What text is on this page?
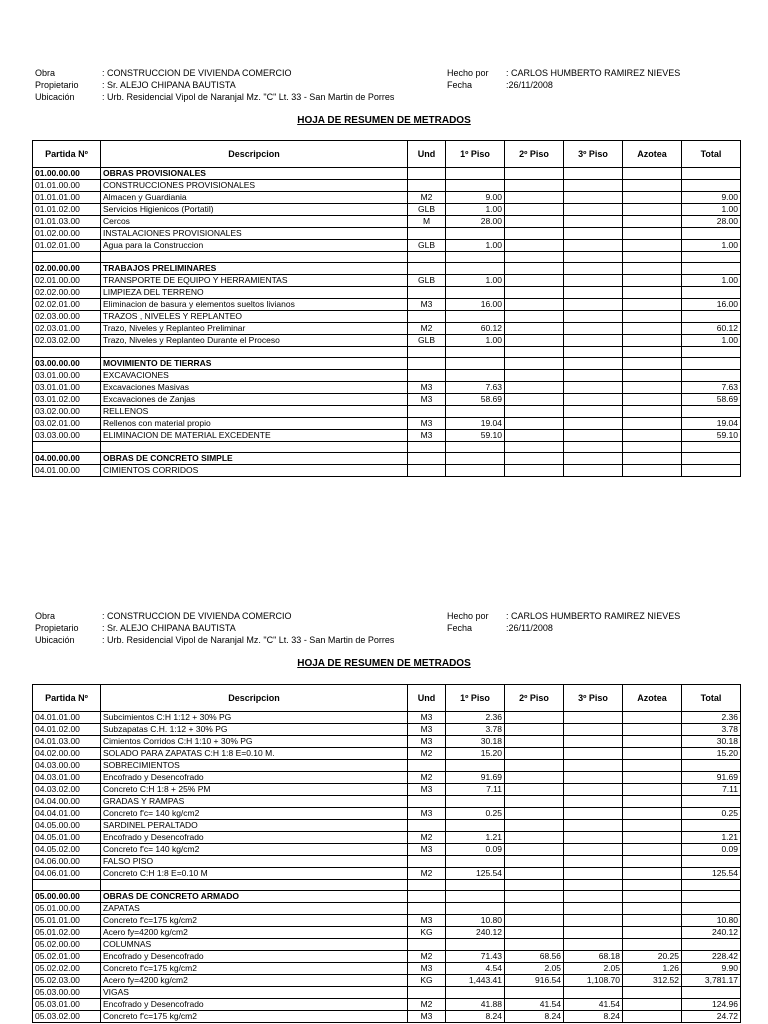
Obra
Propietario
Ubicación
: CONSTRUCCION DE VIVIENDA COMERCIO
: Sr. ALEJO CHIPANA BAUTISTA
: Urb. Residencial Vipol de Naranjal Mz. "C" Lt. 33 - San Martin de Porres
Hecho por
Fecha
: CARLOS HUMBERTO RAMIREZ NIEVES
:26/11/2008
HOJA DE RESUMEN DE METRADOS
Partida Nº	Descripcion	Und	1º Piso	2º Piso	3º Piso	Azotea	Total
01.00.00.00	OBRAS PROVISIONALES						
01.01.00.00	CONSTRUCCIONES PROVISIONALES						
01.01.01.00	Almacen y Guardiania	M2	9.00				9.00
01.01.02.00	Servicios Higienicos (Portatil)	GLB	1.00				1.00
01.01.03.00	Cercos	M	28.00				28.00
01.02.00.00	INSTALACIONES PROVISIONALES						
01.02.01.00	Agua para la Construccion	GLB	1.00				1.00

02.00.00.00	TRABAJOS PRELIMINARES						
02.01.00.00	TRANSPORTE DE EQUIPO Y HERRAMIENTAS	GLB	1.00				1.00
02.02.00.00	LIMPIEZA DEL TERRENO						
02.02.01.00	Eliminacion de basura y elementos sueltos livianos	M3	16.00				16.00
02.03.00.00	TRAZOS , NIVELES Y REPLANTEO						
02.03.01.00	Trazo, Niveles y Replanteo Preliminar	M2	60.12				60.12
02.03.02.00	Trazo, Niveles y Replanteo Durante el Proceso	GLB	1.00				1.00

03.00.00.00	MOVIMIENTO DE TIERRAS						
03.01.00.00	EXCAVACIONES						
03.01.01.00	Excavaciones Masivas	M3	7.63				7.63
03.01.02.00	Excavaciones de Zanjas	M3	58.69				58.69
03.02.00.00	RELLENOS						
03.02.01.00	Rellenos con material propio	M3	19.04				19.04
03.03.00.00	ELIMINACION DE MATERIAL EXCEDENTE	M3	59.10				59.10

04.00.00.00	OBRAS DE CONCRETO SIMPLE						
04.01.00.00	CIMIENTOS CORRIDOS						
Obra
Propietario
Ubicación
: CONSTRUCCION DE VIVIENDA COMERCIO
: Sr. ALEJO CHIPANA BAUTISTA
: Urb. Residencial Vipol de Naranjal Mz. "C" Lt. 33 - San Martin de Porres
Hecho por
Fecha
: CARLOS HUMBERTO RAMIREZ NIEVES
:26/11/2008
HOJA DE RESUMEN DE METRADOS
Partida Nº	Descripcion	Und	1º Piso	2º Piso	3º Piso	Azotea	Total
04.01.01.00	Subcimientos C:H 1:12 + 30% PG	M3	2.36				2.36
04.01.02.00	Subzapatas C.H. 1:12 + 30% PG	M3	3.78				3.78
04.01.03.00	Cimientos Corridos C:H 1:10 + 30% PG	M3	30.18				30.18
04.02.00.00	SOLADO PARA ZAPATAS C:H 1:8 E=0.10 M.	M2	15.20				15.20
04.03.00.00	SOBRECIMIENTOS						
04.03.01.00	Encofrado y Desencofrado	M2	91.69				91.69
04.03.02.00	Concreto C:H 1:8 + 25% PM	M3	7.11				7.11
04.04.00.00	GRADAS Y RAMPAS						
04.04.01.00	Concreto f'c= 140 kg/cm2	M3	0.25				0.25
04.05.00.00	SARDINEL PERALTADO						
04.05.01.00	Encofrado y Desencofrado	M2	1.21				1.21
04.05.02.00	Concreto f'c= 140 kg/cm2	M3	0.09				0.09
04.06.00.00	FALSO PISO						
04.06.01.00	Concreto C:H 1:8 E=0.10 M	M2	125.54				125.54

05.00.00.00	OBRAS DE CONCRETO ARMADO						
05.01.00.00	ZAPATAS						
05.01.01.00	Concreto f'c=175 kg/cm2	M3	10.80				10.80
05.01.02.00	Acero fy=4200 kg/cm2	KG	240.12				240.12
05.02.00.00	COLUMNAS						
05.02.01.00	Encofrado y Desencofrado	M2	71.43	68.56	68.18	20.25	228.42
05.02.02.00	Concreto f'c=175 kg/cm2	M3	4.54	2.05	2.05	1.26	9.90
05.02.03.00	Acero fy=4200 kg/cm2	KG	1,443.41	916.54	1,108.70	312.52	3,781.17
05.03.00.00	VIGAS						
05.03.01.00	Encofrado y Desencofrado	M2	41.88	41.54	41.54		124.96
05.03.02.00	Concreto f'c=175 kg/cm2	M3	8.24	8.24	8.24		24.72
